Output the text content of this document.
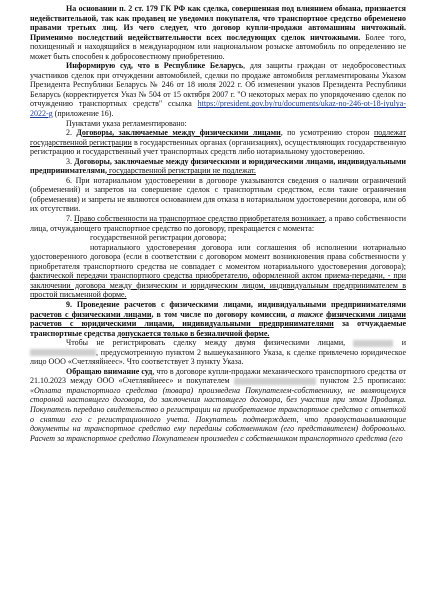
На основании п. 2 ст. 179 ГК РФ как сделка, совершенная под влиянием обмана, признается недействительной, так как продавец не уведомил покупателя, что транспортное средство обременено правами третьих лиц. Из чего следует, что договор купли-продажи автомашины ничтожный. Применимо последствий недействительности всех последующих сделок ничтожными. Более того, похищенный и находящийся в международном или национальном розыске автомобиль по определению не может быть способен к добросовестному приобретению.

Информирую суд, что в Республике Беларусь, для защиты граждан от недобросовестных участников сделок при отчуждении автомобилей, сделки по продаже автомобиля регламентированы Указом Президента Республики Беларусь № 246 от 18 июля 2022 г. Об изменении указов Президента Республики Беларусь (корректируется Указ № 504 от 15 октября 2007 г. "О некоторых мерах по упорядочению сделок по отчуждению транспортных средств" ссылка https://president.gov.by/ru/documents/ukaz-no-246-ot-18-iyulya-2022-g (приложение 16).

Пунктами указа регламентировано:

2. Договоры, заключаемые между физическими лицами, по усмотрению сторон подлежат государственной регистрации в государственных органах (организациях), осуществляющих государственную регистрацию и государственный учет транспортных средств либо нотариальному удостоверению.

3. Договоры, заключаемые между физическими и юридическими лицами, индивидуальными предпринимателями, государственной регистрации не подлежат.

6. При нотариальном удостоверении в договоре указываются сведения о наличии ограничений (обременений) и запретов на совершение сделок с транспортным средством, если такие ограничения (обременения) и запреты не являются основанием для отказа в нотариальном удостоверении договора, или об их отсутствии.

7. Право собственности на транспортное средство приобретателя возникает, а право собственности лица, отчуждающего транспортное средство по договору, прекращается с момента:

государственной регистрации договора;

нотариального удостоверения договора или соглашения об исполнении нотариально удостоверенного договора (если в соответствии с договором момент возникновения права собственности у приобретателя транспортного средства не совпадает с моментом нотариального удостоверения договора); фактической передачи транспортного средства приобретателю, оформленной актом приема-передачи, - при заключении договора между физическим и юридическим лицом, индивидуальным предпринимателем в простой письменной форме.

9. Проведение расчетов с физическими лицами, индивидуальными предпринимателями расчетов с физическими лицами, в том числе по договору комиссии, а также физическими лицами расчетов с юридическими лицами, индивидуальными предпринимателями за отчуждаемые транспортные средства допускается только в безналичной форме.

Чтобы не регистрировать сделку между двумя физическими лицами,	и , предусмотренную пунктом 2 вышеуказанного Указа, к сделке привлечено юридическое лицо ООО «Счетляяйнеес». Что соответствует 3 пункту Указа.

Обращаю внимание суд, что в договоре купли-продажи механического транспортного средства от 21.10.2023 между ООО «Счетляяйнеес» и покупателем	пунктом 2.5 прописано: «Оплата транспортного средства (товара) произведена Покупателем-собственнику, не являющемуся стороной настоящего договора, до заключения настоящего договора, без участия при этом Продавца. Покупатель передано свидетельство о регистрации на приобретаемое транспортное средство с отметкой о снятии его с регистрационного учета. Покупатель подтверждает, что правоустанавливающие документы на транспортное средство ему переданы собственником (его представителем) добровольно. Расчет за транспортное средство Покупателем произведен с собственником транспортного средства (его
